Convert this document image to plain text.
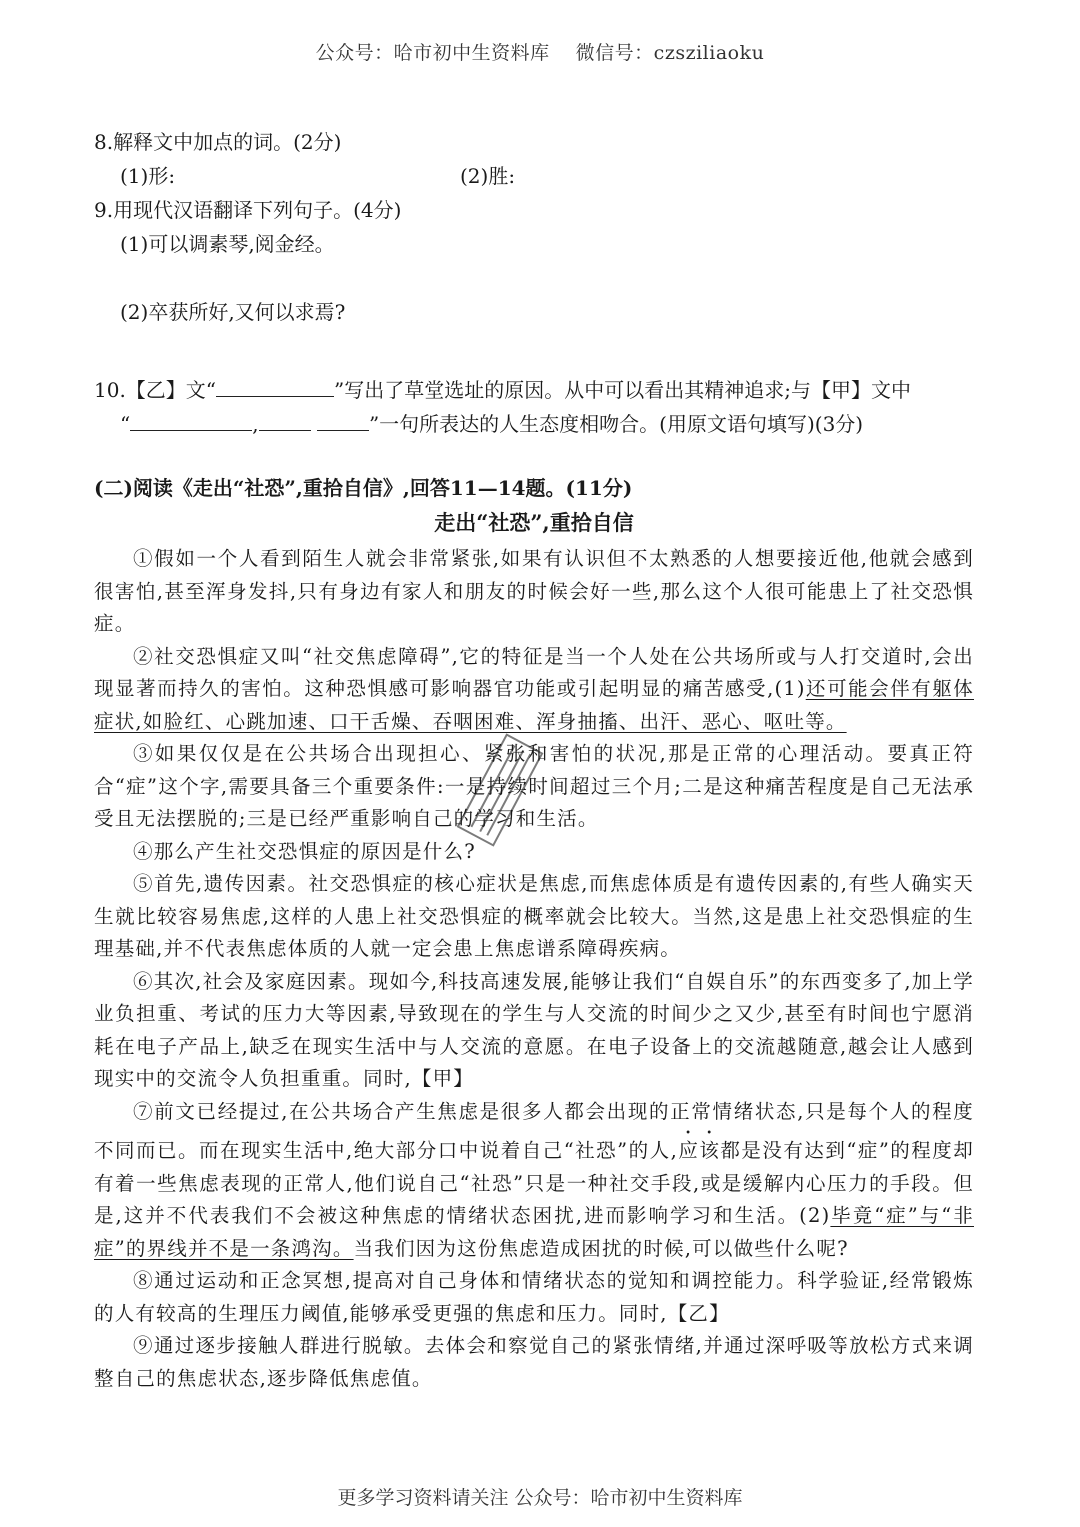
公众号：哈市初中生资料库 微信号：czsziliaoku

8.解释文中加点的词。(2分)

(1)形:	(2)胜:

9.用现代汉语翻译下列句子。(4分)

(1)可以调素琴,阅金经。

(2)卒获所好,又何以求焉?

10.【乙】文“	”写出了草堂选址的原因。从中可以看出其精神追求;与【甲】文中
“	,	”一句所表达的人生态度相吻合。(用原文语句填写)(3分)
(二)阅读《走出“社恐”,重拾自信》,回答11—14题。(11分)
走出“社恐”,重拾自信

①假如一个人看到陌生人就会非常紧张,如果有认识但不太熟悉的人想要接近他,他就会感到很害怕,甚至浑身发抖,只有身边有家人和朋友的时候会好一些,那么这个人很可能患上了社交恐惧症。

②社交恐惧症又叫“社交焦虑障碍”,它的特征是当一个人处在公共场所或与人打交道时,会出现显著而持久的害怕。这种恐惧感可影响器官功能或引起明显的痛苦感受,(1)还可能会伴有躯体症状,如脸红、心跳加速、口干舌燥、吞咽困难、浑身抽搐、出汗、恶心、呕吐等。

③如果仅仅是在公共场合出现担心、紧张和害怕的状况,那是正常的心理活动。要真正符合“症”这个字,需要具备三个重要条件:一是持续时间超过三个月;二是这种痛苦程度是自己无法承受且无法摆脱的;三是已经严重影响自己的学习和生活。

④那么产生社交恐惧症的原因是什么?

⑤首先,遗传因素。社交恐惧症的核心症状是焦虑,而焦虑体质是有遗传因素的,有些人确实天生就比较容易焦虑,这样的人患上社交恐惧症的概率就会比较大。当然,这是患上社交恐惧症的生理基础,并不代表焦虑体质的人就一定会患上焦虑谱系障碍疾病。

⑥其次,社会及家庭因素。现如今,科技高速发展,能够让我们“自娱自乐”的东西变多了,加上学业负担重、考试的压力大等因素,导致现在的学生与人交流的时间少之又少,甚至有时间也宁愿消耗在电子产品上,缺乏在现实生活中与人交流的意愿。在电子设备上的交流越随意,越会让人感到现实中的交流令人负担重重。同时,【甲】

⑦前文已经提过,在公共场合产生焦虑是很多人都会出现的正常情绪状态,只是每个人的程度不同而已。而在现实生活中,绝大部分口中说着自己“社恐”的人,应该都是没有达到“症”的程度却有着一些焦虑表现的正常人,他们说自己“社恐”只是一种社交手段,或是缓解内心压力的手段。但是,这并不代表我们不会被这种焦虑的情绪状态困扰,进而影响学习和生活。(2)毕竟“症”与“非症”的界线并不是一条鸿沟。当我们因为这份焦虑造成困扰的时候,可以做些什么呢?

⑧通过运动和正念冥想,提高对自己身体和情绪状态的觉知和调控能力。科学验证,经常锻炼的人有较高的生理压力阈值,能够承受更强的焦虑和压力。同时,【乙】

⑨通过逐步接触人群进行脱敏。去体会和察觉自己的紧张情绪,并通过深呼吸等放松方式来调整自己的焦虑状态,逐步降低焦虑值。

更多学习资料请关注 公众号：哈市初中生资料库
